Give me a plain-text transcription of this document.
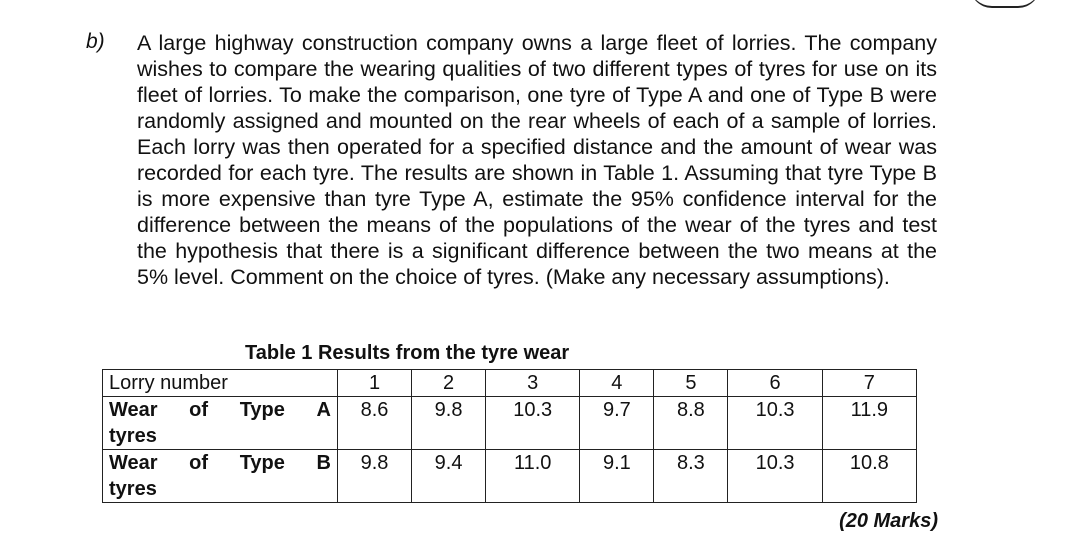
b) A large highway construction company owns a large fleet of lorries. The company wishes to compare the wearing qualities of two different types of tyres for use on its fleet of lorries. To make the comparison, one tyre of Type A and one of Type B were randomly assigned and mounted on the rear wheels of each of a sample of lorries. Each lorry was then operated for a specified distance and the amount of wear was recorded for each tyre. The results are shown in Table 1. Assuming that tyre Type B is more expensive than tyre Type A, estimate the 95% confidence interval for the difference between the means of the populations of the wear of the tyres and test the hypothesis that there is a significant difference between the two means at the 5% level. Comment on the choice of tyres. (Make any necessary assumptions).

Table 1 Results from the tyre wear
Lorry number	1	2	3	4	5	6	7

Wear of Type A
tyres	8.6	9.8	10.3	9.7	8.8	10.3	11.9

Wear of Type B
tyres	9.8	9.4	11.0	9.1	8.3	10.3	10.8
(20 Marks)
